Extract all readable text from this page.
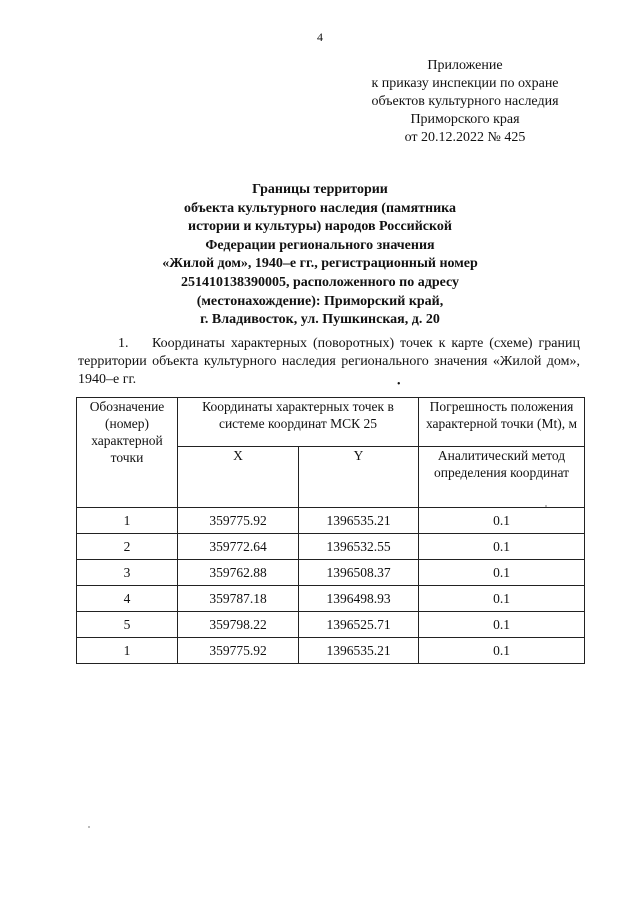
4
Приложение
к приказу инспекции по охране
объектов культурного наследия
Приморского края
от 20.12.2022 № 425
Границы территории
объекта культурного наследия (памятника
истории и культуры) народов Российской
Федерации регионального значения
«Жилой дом», 1940–е гг., регистрационный номер
251410138390005, расположенного по адресу
(местонахождение): Приморский край,
г. Владивосток, ул. Пушкинская, д. 20
1. Координаты характерных (поворотных) точек к карте (схеме) границ территории объекта культурного наследия регионального значения «Жилой дом», 1940–е гг.	•
Обозначение (номер) характерной точки	Координаты характерных точек в системе координат МСК 25		Погрешность положения характерной точки (Mt), м
	X	Y	Аналитический метод определения координат
1	359775.92	1396535.21	0.1
2	359772.64	1396532.55	0.1
3	359762.88	1396508.37	0.1
4	359787.18	1396498.93	0.1
5	359798.22	1396525.71	0.1
1	359775.92	1396535.21	0.1
